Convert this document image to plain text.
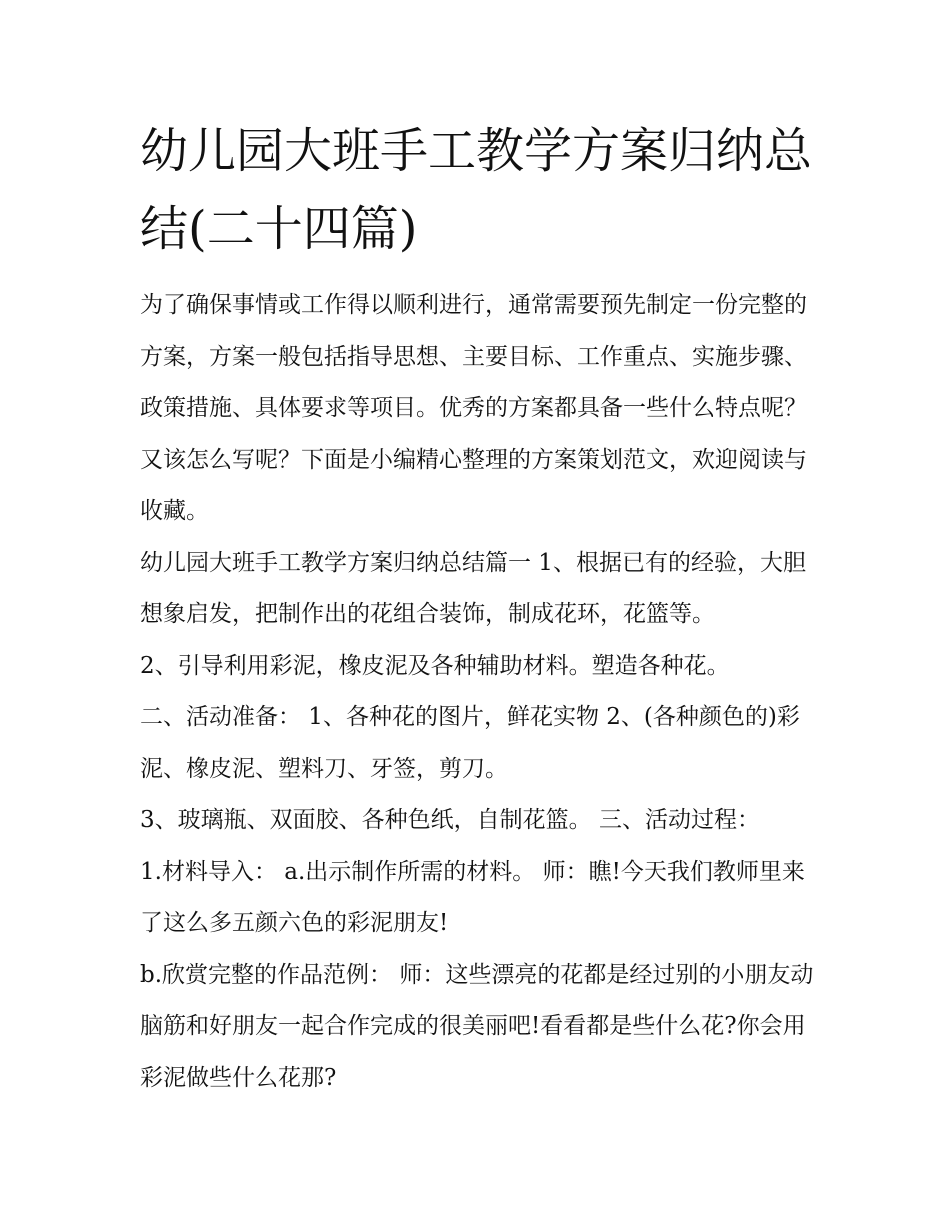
幼儿园大班手工教学方案归纳总结(二十四篇)

为了确保事情或工作得以顺利进行，通常需要预先制定一份完整的方案，方案一般包括指导思想、主要目标、工作重点、实施步骤、政策措施、具体要求等项目。优秀的方案都具备一些什么特点呢？又该怎么写呢？下面是小编精心整理的方案策划范文，欢迎阅读与收藏。

幼儿园大班手工教学方案归纳总结篇一 1、根据已有的经验，大胆想象启发，把制作出的花组合装饰，制成花环，花篮等。

2、引导利用彩泥，橡皮泥及各种辅助材料。塑造各种花。

二、活动准备： 1、各种花的图片，鲜花实物 2、(各种颜色的)彩泥、橡皮泥、塑料刀、牙签，剪刀。

3、玻璃瓶、双面胶、各种色纸，自制花篮。 三、活动过程：

1.材料导入： a.出示制作所需的材料。 师：瞧!今天我们教师里来了这么多五颜六色的彩泥朋友!

b.欣赏完整的作品范例： 师：这些漂亮的花都是经过别的小朋友动脑筋和好朋友一起合作完成的很美丽吧!看看都是些什么花?你会用彩泥做些什么花那?
